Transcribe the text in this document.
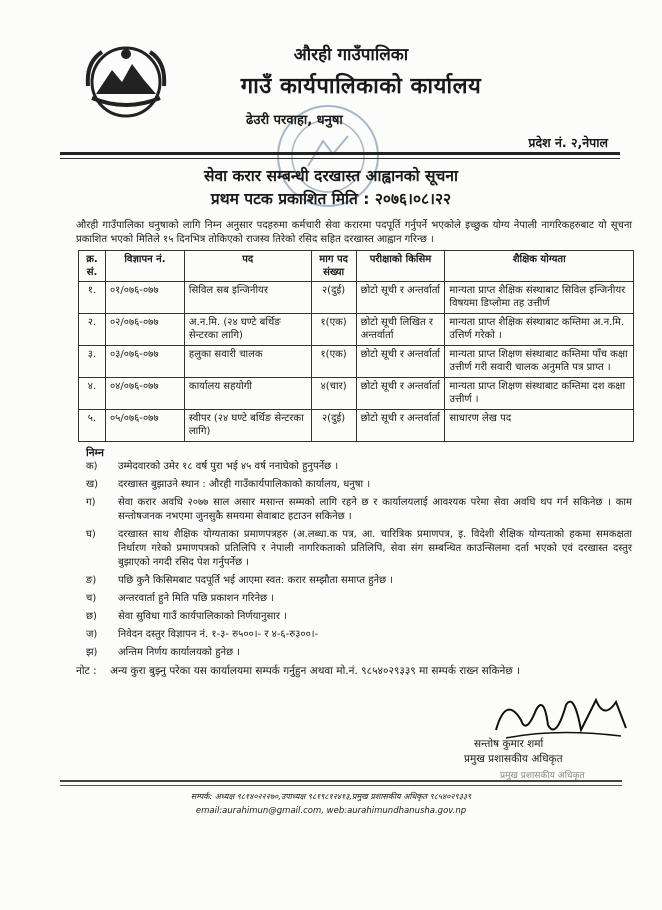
औरही गाउँपालिका
गाउँ कार्यपालिकाको कार्यालय
ढेउरी परवाहा, धनुषा
प्रदेश नं. २,नेपाल
सेवा करार सम्बन्धी दरखास्त आह्वानको सूचना
प्रथम पटक प्रकाशित मिति : २०७६।०८।२२
औरही गाउँपालिका धनुषाको लागि निम्न अनुसार पदहरुमा कर्मचारी सेवा करारमा पदपूर्ति गर्नुपर्ने भएकोले इच्छुक योग्य नेपाली नागरिकहरुबाट यो सूचना प्रकाशित भएको मितिले १५ दिनभित्र तोकिएको राजस्व तिरेको रसिद सहित दरखास्त आह्वान गरिन्छ ।
क्र. सं.	विज्ञापन नं.	पद	माग पद संख्या	परीक्षाको किसिम	शैक्षिक योग्यता
१.	०१/०७६-०७७	सिविल सब इन्जिनीयर	२(दुई)	छोटो सूची र अन्तर्वार्ता	मान्यता प्राप्त शैक्षिक संस्थाबाट सिविल इन्जिनीयर विषयमा डिप्लोमा तह उत्तीर्ण
२.	०२/०७६-०७७	अ.न.मि. (२४ घण्टे बर्थिङ सेन्टरका लागि)	१(एक)	छोटो सूची लिखित र अन्तर्वार्ता	मान्यता प्राप्त शैक्षिक संस्थाबाट कम्तिमा अ.न.मि. उत्तिर्ण गरेको ।
३.	०३/०७६-०७७	हलुका सवारी चालक	१(एक)	छोटो सूची र अन्तर्वार्ता	मान्यता प्राप्त शिक्षण संस्थाबाट कम्तिमा पाँच कक्षा उत्तीर्ण गरी सवारी चालक अनुमति पत्र प्राप्त ।
४.	०४/०७६-०७७	कार्यालय सहयोगी	४(चार)	छोटो सूची र अन्तर्वार्ता	मान्यता प्राप्त शिक्षण संस्थाबाट कम्तिमा दश कक्षा उत्तीर्ण ।
५.	०५/०७६-०७७	स्वीपर (२४ घण्टे बर्थिङ सेन्टरका लागि)	२(दुई)	छोटो सूची र अन्तर्वार्ता	साधारण लेख पद
निम्न
क)	उम्मेदवारको उमेर १८ वर्ष पुरा भई ४५ वर्ष ननाघेको हुनुपर्नेछ ।
ख)	दरखास्त बुझाउने स्थान : औरही गाउँकार्यपालिकाको कार्यालय, धनुषा ।
ग)	सेवा करार अवधि २०७७ साल असार मसान्त सम्मको लागि रहने छ र कार्यालयलाई आवश्यक परेमा सेवा अवधि थप गर्न सकिनेछ । काम सन्तोषजनक नभएमा जुनसुकै समयमा सेवाबाट हटाउन सकिनेछ ।
घ)	दरखास्त साथ शैक्षिक योग्यताका प्रमाणपत्रहरु (अ.लब्धा.क पत्र, आ. चारित्रिक प्रमाणपत्र, इ. विदेशी शैक्षिक योग्यताको हकमा समकक्षता निर्धारण गरेको प्रमाणपत्रको प्रतिलिपि र नेपाली नागरिकताको प्रतिलिपि, सेवा संग सम्बन्धित काउन्सिलमा दर्ता भएको एवं दरखास्त दस्तुर बुझाएको नगदी रसिद पेश गर्नुपर्नेछ ।
ङ)	पछि कुनै किसिमबाट पदपूर्ति भई आएमा स्वत: करार सम्झौता समाप्त हुनेछ ।
च)	अन्तरवार्ता हुने मिति पछि प्रकाशन गरिनेछ ।
छ)	सेवा सुविधा गाउँ कार्यपालिकाको निर्णयानुसार ।
ज)	निवेदन दस्तुर विज्ञापन नं. १-३- रु५००।- र ४-६-रु३००।-
झ)	अन्तिम निर्णय कार्यालयको हुनेछ ।
नोट :	अन्य कुरा बुझ्नु परेका यस कार्यालयमा सम्पर्क गर्नुहुन अथवा मो.नं. ९८५४०२९३३९ मा सम्पर्क राख्न सकिनेछ ।
सन्तोष कुमार शर्मा
प्रमुख प्रशासकीय अधिकृत
प्रमुख प्रशासकीय अधिकृत
सम्पर्क: अध्यक्ष ९८१४०२२२७०,उपाध्यक्ष ९८१९८१२४१३,प्रमुख प्रशासकीय अधिकृत ९८५४०२९३३९
email:aurahimun@gmail.com, web:aurahimundhanusha.gov.np
